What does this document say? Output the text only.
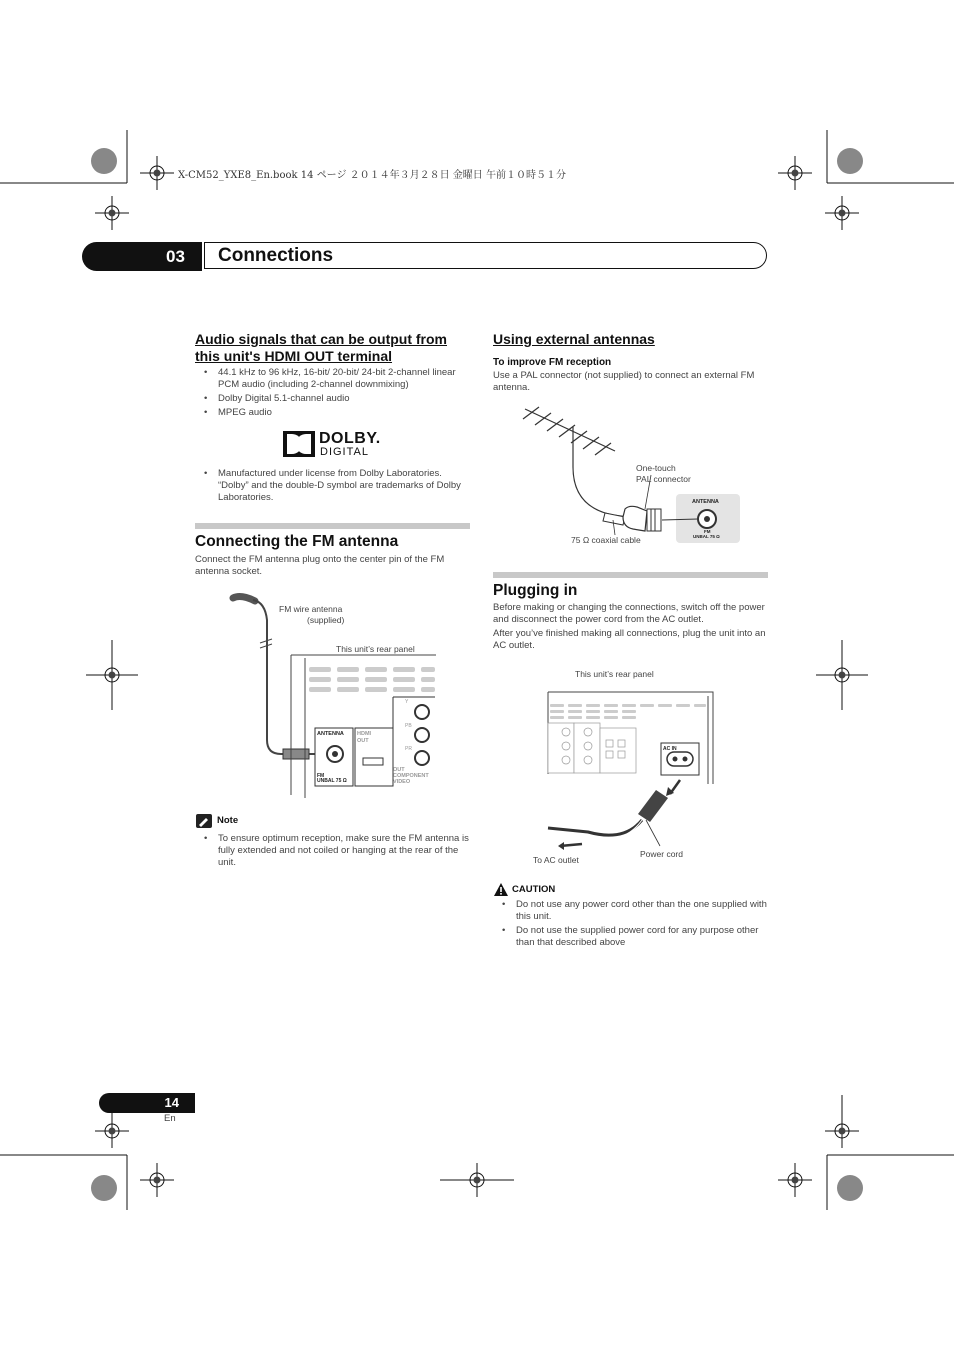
X-CM52_YXE8_En.book 14 ページ ２０１４年３月２８日 金曜日 午前１０時５１分
03	Connections
Audio signals that can be output from
this unit's HDMI OUT terminal
• 44.1 kHz to 96 kHz, 16-bit/ 20-bit/ 24-bit 2-channel linear PCM audio (including 2-channel downmixing)
• Dolby Digital 5.1-channel audio
• MPEG audio
DOLBY.
DIGITAL
• Manufactured under license from Dolby Laboratories. “Dolby” and the double-D symbol are trademarks of Dolby Laboratories.
Connecting the FM antenna
Connect the FM antenna plug onto the center pin of the FM antenna socket.
FM wire antenna
(supplied)
This unit’s rear panel
ANTENNA HDMI
OUT
FM
UNBAL 75 Ω
Y
PB
PR
OUT
COMPONENT
VIDEO
Note
• To ensure optimum reception, make sure the FM antenna is fully extended and not coiled or hanging at the rear of the unit.
Using external antennas
To improve FM reception
Use a PAL connector (not supplied) to connect an external FM antenna.
One-touch
PAL connector
ANTENNA
FM
UNBAL 75 Ω
75 Ω coaxial cable
Plugging in
Before making or changing the connections, switch off the power and disconnect the power cord from the AC outlet.
After you’ve finished making all connections, plug the unit into an AC outlet.
This unit’s rear panel
AC IN
To AC outlet
Power cord
CAUTION
• Do not use any power cord other than the one supplied with this unit.
• Do not use the supplied power cord for any purpose other than that described above
14
En
